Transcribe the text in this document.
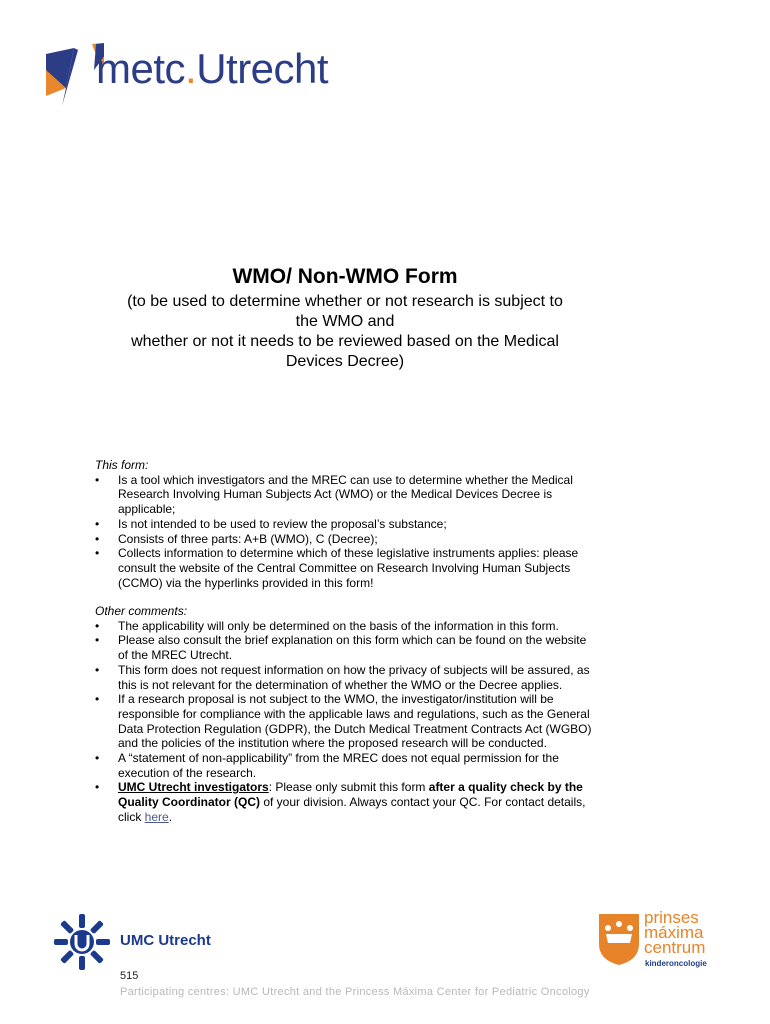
metc.Utrecht

WMO/ Non-WMO Form

(to be used to determine whether or not research is subject to

the WMO and

whether or not it needs to be reviewed based on the Medical

Devices Decree)

This form:

• Is a tool which investigators and the MREC can use to determine whether the Medical Research Involving Human Subjects Act (WMO) or the Medical Devices Decree is applicable;
• Is not intended to be used to review the proposal’s substance;
• Consists of three parts: A+B (WMO), C (Decree);
• Collects information to determine which of these legislative instruments applies: please consult the website of the Central Committee on Research Involving Human Subjects (CCMO) via the hyperlinks provided in this form!

Other comments:

• The applicability will only be determined on the basis of the information in this form.
• Please also consult the brief explanation on this form which can be found on the website of the MREC Utrecht.
• This form does not request information on how the privacy of subjects will be assured, as this is not relevant for the determination of whether the WMO or the Decree applies.
• If a research proposal is not subject to the WMO, the investigator/institution will be responsible for compliance with the applicable laws and regulations, such as the General Data Protection Regulation (GDPR), the Dutch Medical Treatment Contracts Act (WGBO) and the policies of the institution where the proposed research will be conducted.
• A “statement of non-applicability” from the MREC does not equal permission for the execution of the research.
• UMC Utrecht investigators: Please only submit this form after a quality check by the Quality Coordinator (QC) of your division. Always contact your QC. For contact details, click here.
UMC Utrecht
prinses
máxima
centrum
kinderoncologie
515
Participating centres: UMC Utrecht and the Princess Máxima Center for Pediatric Oncology
